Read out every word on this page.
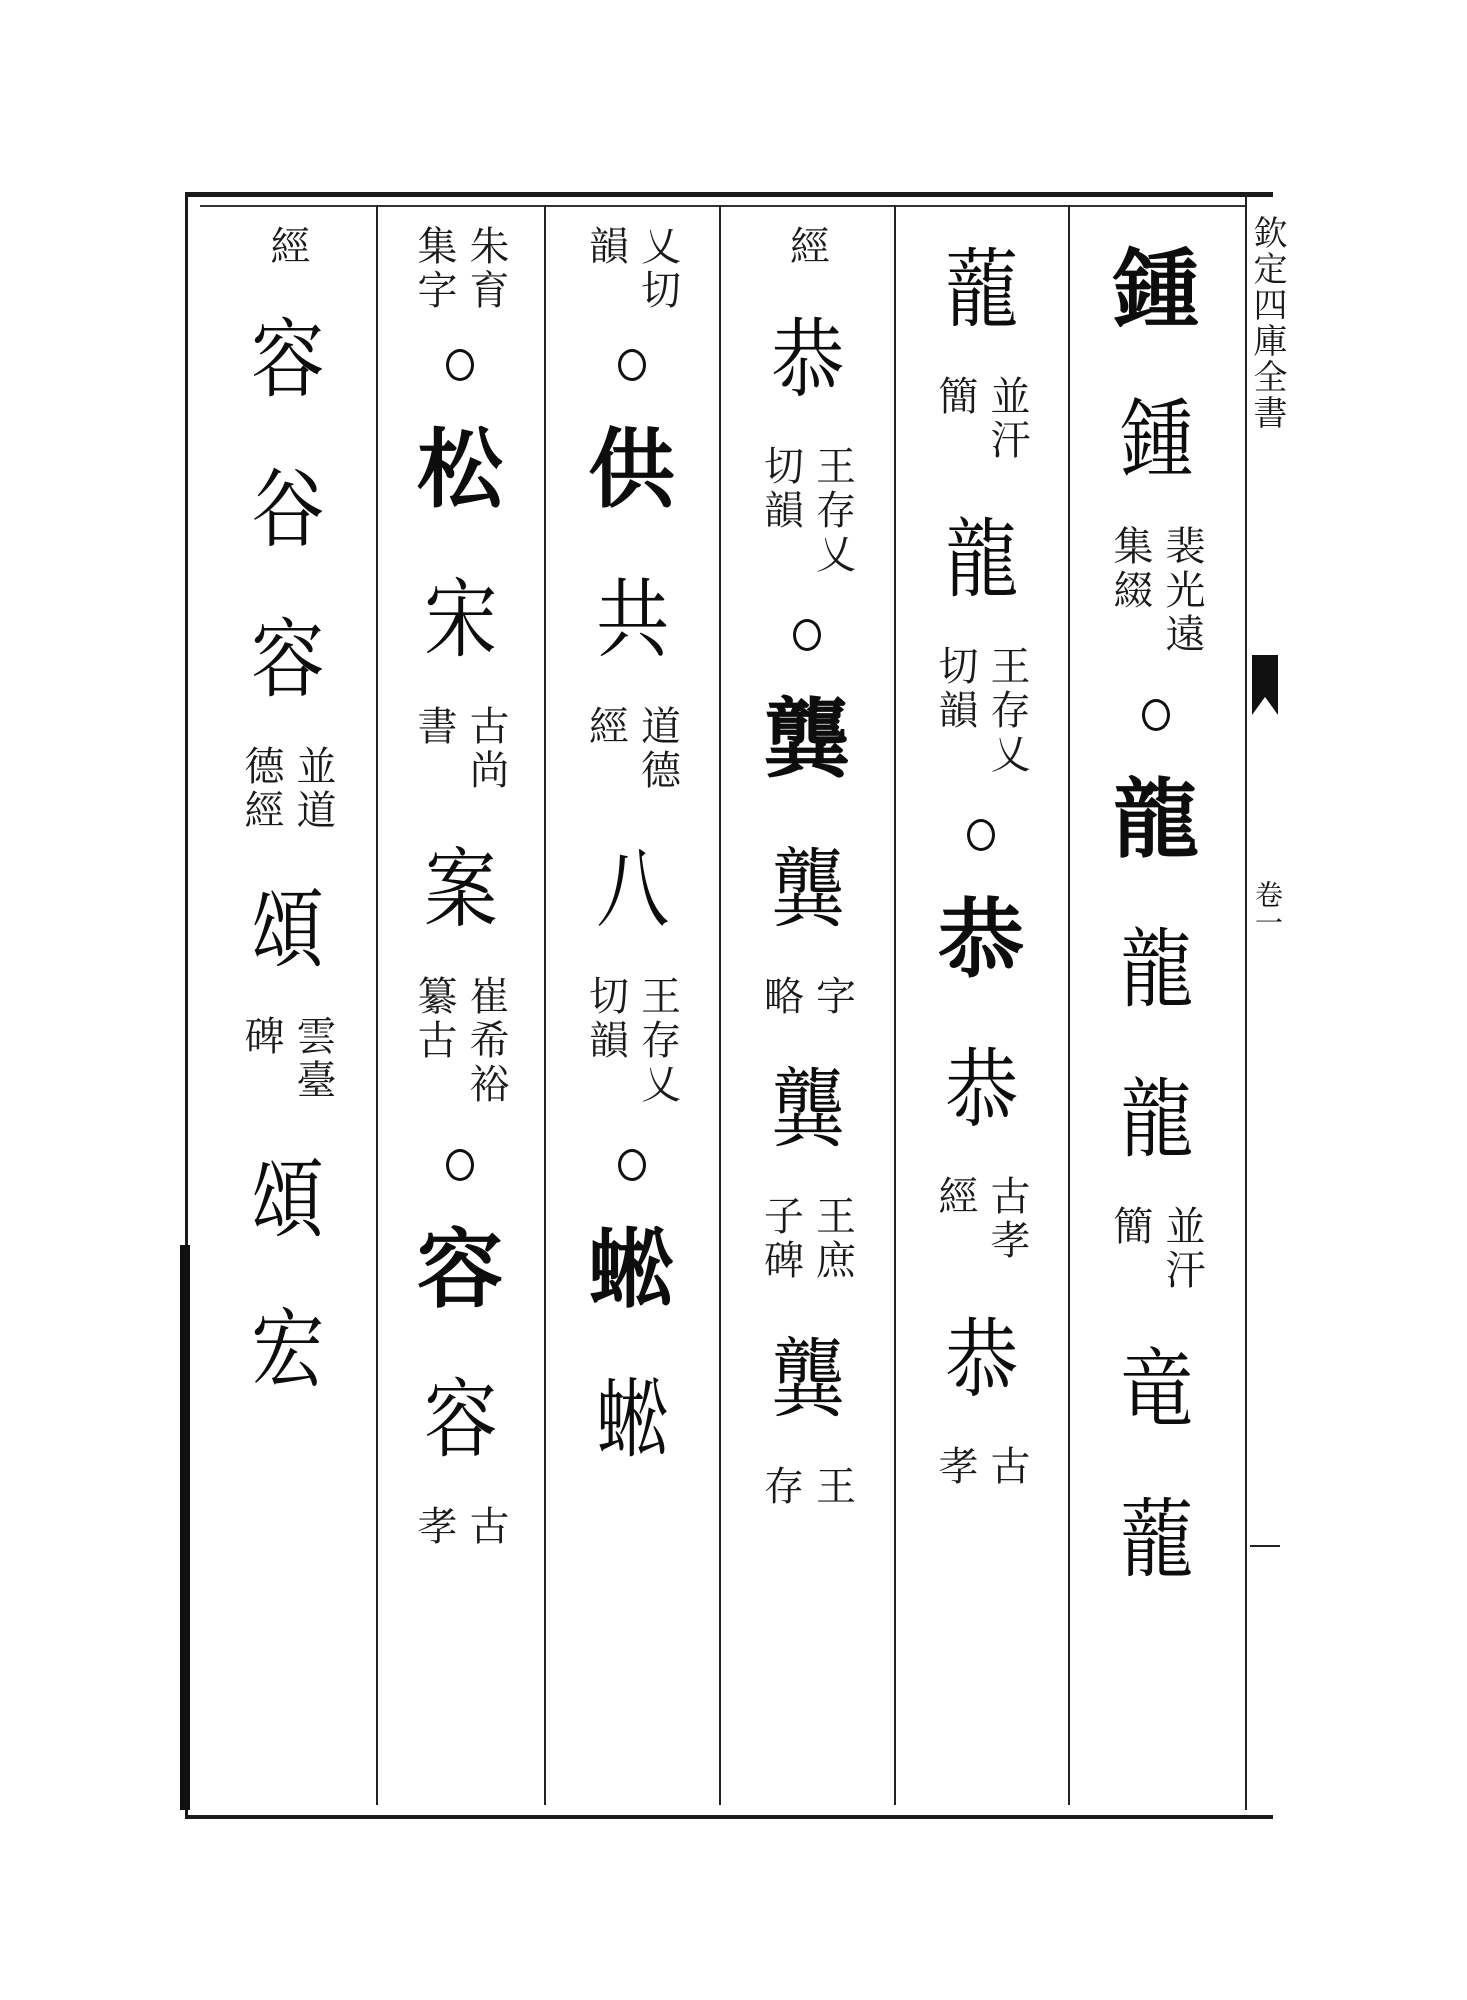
欽定四庫全書
卷一
鍾
鍾
裴光遠
集綴
龍
龍
龍
並汗
簡
竜
蘢
蘢
並汗
簡
龍
王存乂
切韻
恭
恭
古孝
經
恭
古
孝
經
恭
王存乂
切韻
龔
龔
字
略
龔
王庶
子碑
龔
王
存
乂切
韻
供
共
道德
經
八
王存乂
切韻
蜙
蜙
朱育
集字
松
宋
古尚
書
案
崔希裕
纂古
容
容
古
孝
經
容
谷
容
並道
德經
頌
雲臺
碑
頌
宏
